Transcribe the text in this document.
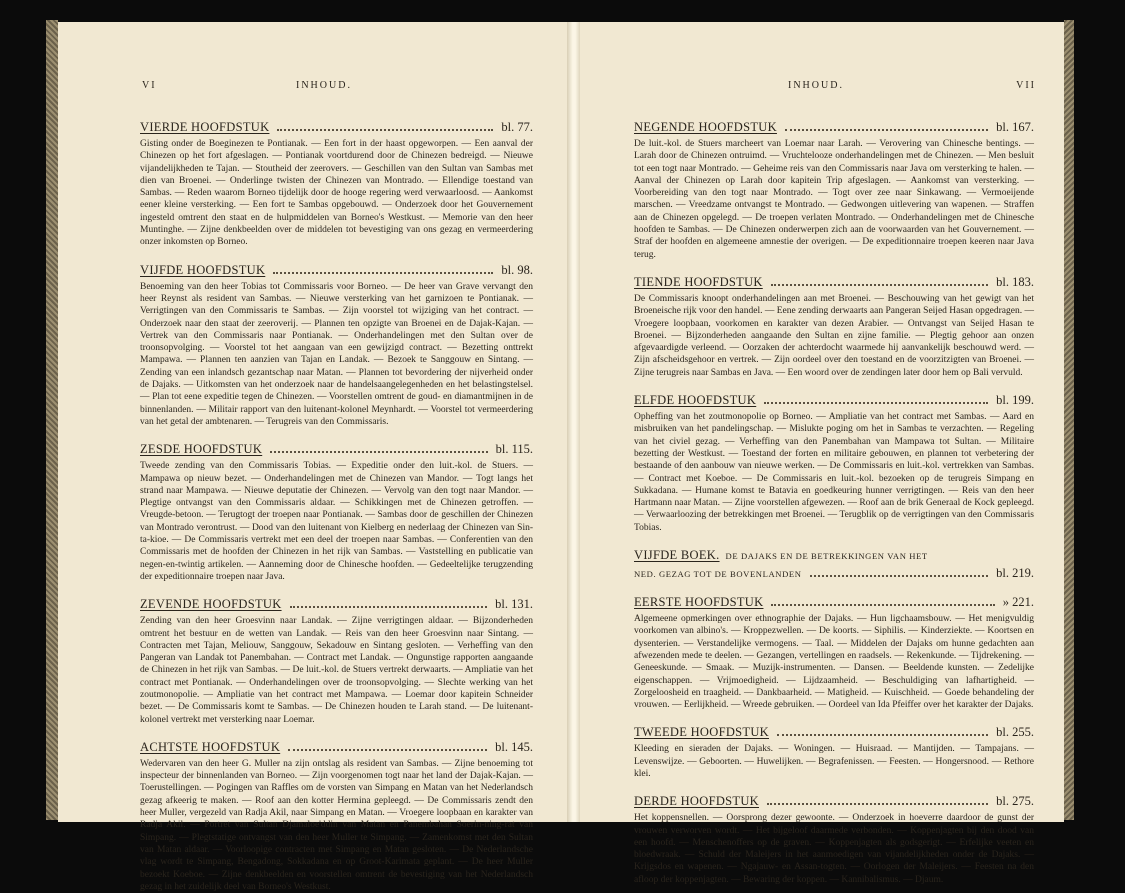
VI	INHOUD.
VIERDE HOOFDSTUK	bl. 77.

Gisting onder de Boeginezen te Pontianak. — Een fort in der haast opgeworpen. — Een aanval der Chinezen op het fort afgeslagen. — Pontianak voortdurend door de Chinezen bedreigd. — Nieuwe vijandelijkheden te Tajan. — Stoutheid der zeerovers. — Geschillen van den Sultan van Sambas met dien van Broenei. — Onderlinge twisten der Chinezen van Montrado. — Ellendige toestand van Sambas. — Reden waarom Borneo tijdelijk door de hooge regering werd verwaarloosd. — Aankomst eener kleine versterking. — Een fort te Sambas opgebouwd. — Onderzoek door het Gouvernement ingesteld omtrent den staat en de hulpmiddelen van Borneo's Westkust. — Memorie van den heer Muntinghe. — Zijne denkbeelden over de middelen tot bevestiging van ons gezag en vermeerdering onzer inkomsten op Borneo.

VIJFDE HOOFDSTUK	bl. 98.

Benoeming van den heer Tobias tot Commissaris voor Borneo. — De heer van Grave vervangt den heer Reynst als resident van Sambas. — Nieuwe versterking van het garnizoen te Pontianak. — Verrigtingen van den Commissaris te Sambas. — Zijn voorstel tot wijziging van het contract. — Onderzoek naar den staat der zeeroverij. — Plannen ten opzigte van Broenei en de Dajak-Kajan. — Vertrek van den Commissaris naar Pontianak. — Onderhandelingen met den Sultan over de troonsopvolging. — Voorstel tot het aangaan van een gewijzigd contract. — Bezetting onttrekt Mampawa. — Plannen ten aanzien van Tajan en Landak. — Bezoek te Sanggouw en Sintang. — Zending van een inlandsch gezantschap naar Matan. — Plannen tot bevordering der nijverheid onder de Dajaks. — Uitkomsten van het onderzoek naar de handelsaangelegenheden en het belastingstelsel. — Plan tot eene expeditie tegen de Chinezen. — Voorstellen omtrent de goud- en diamantmijnen in de binnenlanden. — Militair rapport van den luitenant-kolonel Meynhardt. — Voorstel tot vermeerdering van het getal der ambtenaren. — Terugreis van den Commissaris.

ZESDE HOOFDSTUK	bl. 115.

Tweede zending van den Commissaris Tobias. — Expeditie onder den luit.-kol. de Stuers. — Mampawa op nieuw bezet. — Onderhandelingen met de Chinezen van Mandor. — Togt langs het strand naar Mampawa. — Nieuwe deputatie der Chinezen. — Vervolg van den togt naar Mandor. — Plegtige ontvangst van den Commissaris aldaar. — Schikkingen met de Chinezen getroffen. — Vreugde-betoon. — Terugtogt der troepen naar Pontianak. — Sambas door de geschillen der Chinezen van Montrado verontrust. — Dood van den luitenant von Kielberg en nederlaag der Chinezen van Sin-ta-kioe. — De Commissaris vertrekt met een deel der troepen naar Sambas. — Conferentien van den Commissaris met de hoofden der Chinezen in het rijk van Sambas. — Vaststelling en publicatie van negen-en-twintig artikelen. — Aanneming door de Chinesche hoofden. — Gedeeltelijke terugzending der expeditionnaire troepen naar Java.

ZEVENDE HOOFDSTUK	bl. 131.

Zending van den heer Groesvinn naar Landak. — Zijne verrigtingen aldaar. — Bijzonderheden omtrent het bestuur en de wetten van Landak. — Reis van den heer Groesvinn naar Sintang. — Contracten met Tajan, Meliouw, Sanggouw, Sekadouw en Sintang gesloten. — Verheffing van den Pangeran van Landak tot Panembahan. — Contract met Landak. — Ongunstige rapporten aangaande de Chinezen in het rijk van Sambas. — De luit.-kol. de Stuers vertrekt derwaarts. — Ampliatie van het contract met Pontianak. — Onderhandelingen over de troonsopvolging. — Slechte werking van het zoutmonopolie. — Ampliatie van het contract met Mampawa. — Loemar door kapitein Schneider bezet. — De Commissaris komt te Sambas. — De Chinezen houden te Larah stand. — De luitenant-kolonel vertrekt met versterking naar Loemar.

ACHTSTE HOOFDSTUK	bl. 145.

Wedervaren van den heer G. Muller na zijn ontslag als resident van Sambas. — Zijne benoeming tot inspecteur der binnenlanden van Borneo. — Zijn voorgenomen togt naar het land der Dajak-Kajan. — Toerustellingen. — Pogingen van Raffles om de vorsten van Simpang en Matan van het Nederlandsch gezag afkeerig te maken. — Roof aan den kotter Hermina gepleegd. — De Commissaris zendt den heer Muller, vergezeld van Radja Akil, naar Simpang en Matan. — Vroegere loopbaan en karakter van Radja Akil. — Portret van Sultan Djamaloe'ddin van Matan en Panembahan Soerin-ning-rat van Simpang. — Plegtstatige ontvangst van den heer Muller te Simpang. — Zamenkomst met den Sultan van Matan aldaar. — Voorloopige contracten met Simpang en Matan gesloten. — De Nederlandsche vlag wordt te Simpang, Bengadong, Sokkadana en op Groot-Karimata geplant. — De heer Muller bezoekt Koeboe. — Zijne denkbeelden en voorstellen omtrent de bevestiging van het Nederlandsch gezag in het zuidelijk deel van Borneo's Westkust.

INHOUD.	VII
NEGENDE HOOFDSTUK	bl. 167.

De luit.-kol. de Stuers marcheert van Loemar naar Larah. — Verovering van Chinesche bentings. — Larah door de Chinezen ontruimd. — Vruchtelooze onderhandelingen met de Chinezen. — Men besluit tot een togt naar Montrado. — Geheime reis van den Commissaris naar Java om versterking te halen. — Aanval der Chinezen op Larah door kapitein Trip afgeslagen. — Aankomst van versterking. — Voorbereiding van den togt naar Montrado. — Togt over zee naar Sinkawang. — Vermoeijende marschen. — Vreedzame ontvangst te Montrado. — Gedwongen uitlevering van wapenen. — Straffen aan de Chinezen opgelegd. — De troepen verlaten Montrado. — Onderhandelingen met de Chinesche hoofden te Sambas. — De Chinezen onderwerpen zich aan de voorwaarden van het Gouvernement. — Straf der hoofden en algemeene amnestie der overigen. — De expeditionnaire troepen keeren naar Java terug.

TIENDE HOOFDSTUK	bl. 183.

De Commissaris knoopt onderhandelingen aan met Broenei. — Beschouwing van het gewigt van het Broeneische rijk voor den handel. — Eene zending derwaarts aan Pangeran Seijed Hasan opgedragen. — Vroegere loopbaan, voorkomen en karakter van dezen Arabier. — Ontvangst van Seijed Hasan te Broenei. — Bijzonderheden aangaande den Sultan en zijne familie. — Plegtig gehoor aan onzen afgevaardigde verleend. — Oorzaken der achterdocht waarmede hij aanvankelijk beschouwd werd. — Zijn afscheidsgehoor en vertrek. — Zijn oordeel over den toestand en de voorzitzigten van Broenei. — Zijne terugreis naar Sambas en Java. — Een woord over de zendingen later door hem op Bali vervuld.

ELFDE HOOFDSTUK	bl. 199.

Opheffing van het zoutmonopolie op Borneo. — Ampliatie van het contract met Sambas. — Aard en misbruiken van het pandelingschap. — Mislukte poging om het in Sambas te verzachten. — Regeling van het civiel gezag. — Verheffing van den Panembahan van Mampawa tot Sultan. — Militaire bezetting der Westkust. — Toestand der forten en militaire gebouwen, en plannen tot verbetering der bestaande of den aanbouw van nieuwe werken. — De Commissaris en luit.-kol. vertrekken van Sambas. — Contract met Koeboe. — De Commissaris en luit.-kol. bezoeken op de terugreis Simpang en Sukkadana. — Humane komst te Batavia en goedkeuring hunner verrigtingen. — Reis van den heer Hartmann naar Matan. — Zijne voorstellen afgewezen. — Roof aan de brik Generaal de Kock gepleegd. — Verwaarloozing der betrekkingen met Broenei. — Terugblik op de verrigtingen van den Commissaris Tobias.

VIJFDE BOEK. DE DAJAKS EN DE BETREKKINGEN VAN HET
NED. GEZAG TOT DE BOVENLANDEN	bl. 219.
EERSTE HOOFDSTUK	» 221.

Algemeene opmerkingen over ethnographie der Dajaks. — Hun ligchaamsbouw. — Het menigvuldig voorkomen van albino's. — Kroppezwellen. — De koorts. — Siphilis. — Kinderziekte. — Koortsen en dysenterien. — Verstandelijke vermogens. — Taal. — Middelen der Dajaks om hunne gedachten aan afwezenden mede te deelen. — Gezangen, vertellingen en raadsels. — Rekenkunde. — Tijdrekening. — Geneeskunde. — Smaak. — Muzijk-instrumenten. — Dansen. — Beeldende kunsten. — Zedelijke eigenschappen. — Vrijmoedigheid. — Lijdzaamheid. — Beschuldiging van lafhartigheid. — Zorgeloosheid en traagheid. — Dankbaarheid. — Matigheid. — Kuischheid. — Goede behandeling der vrouwen. — Eerlijkheid. — Wreede gebruiken. — Oordeel van Ida Pfeiffer over het karakter der Dajaks.

TWEEDE HOOFDSTUK	bl. 255.

Kleeding en sieraden der Dajaks. — Woningen. — Huisraad. — Mantijden. — Tampajans. — Levenswijze. — Geboorten. — Huwelijken. — Begrafenissen. — Feesten. — Hongersnood. — Rethore klei.

DERDE HOOFDSTUK	bl. 275.

Het koppensnellen. — Oorsprong dezer gewoonte. — Onderzoek in hoeverre daardoor de gunst der vrouwen verworven wordt. — Het bijgeloof daarmede verbonden. — Koppenjagten bij den dood van een hoofd. — Menschenoffers op de graven. — Koppenjagten als godsgerigt. — Erfelijke veeten en bloedwraak. — Schuld der Maleijers in het aanmoedigen van vijandelijkheden onder de Dajaks. — Krijgsdos en wapenen. — Ngajauw- en Assan-togten. — Oorlogen der Maleijers. — Feesten na den afloop der koppenjagten. — Bewaring der koppen. — Kannibalismus. — Djaum.
